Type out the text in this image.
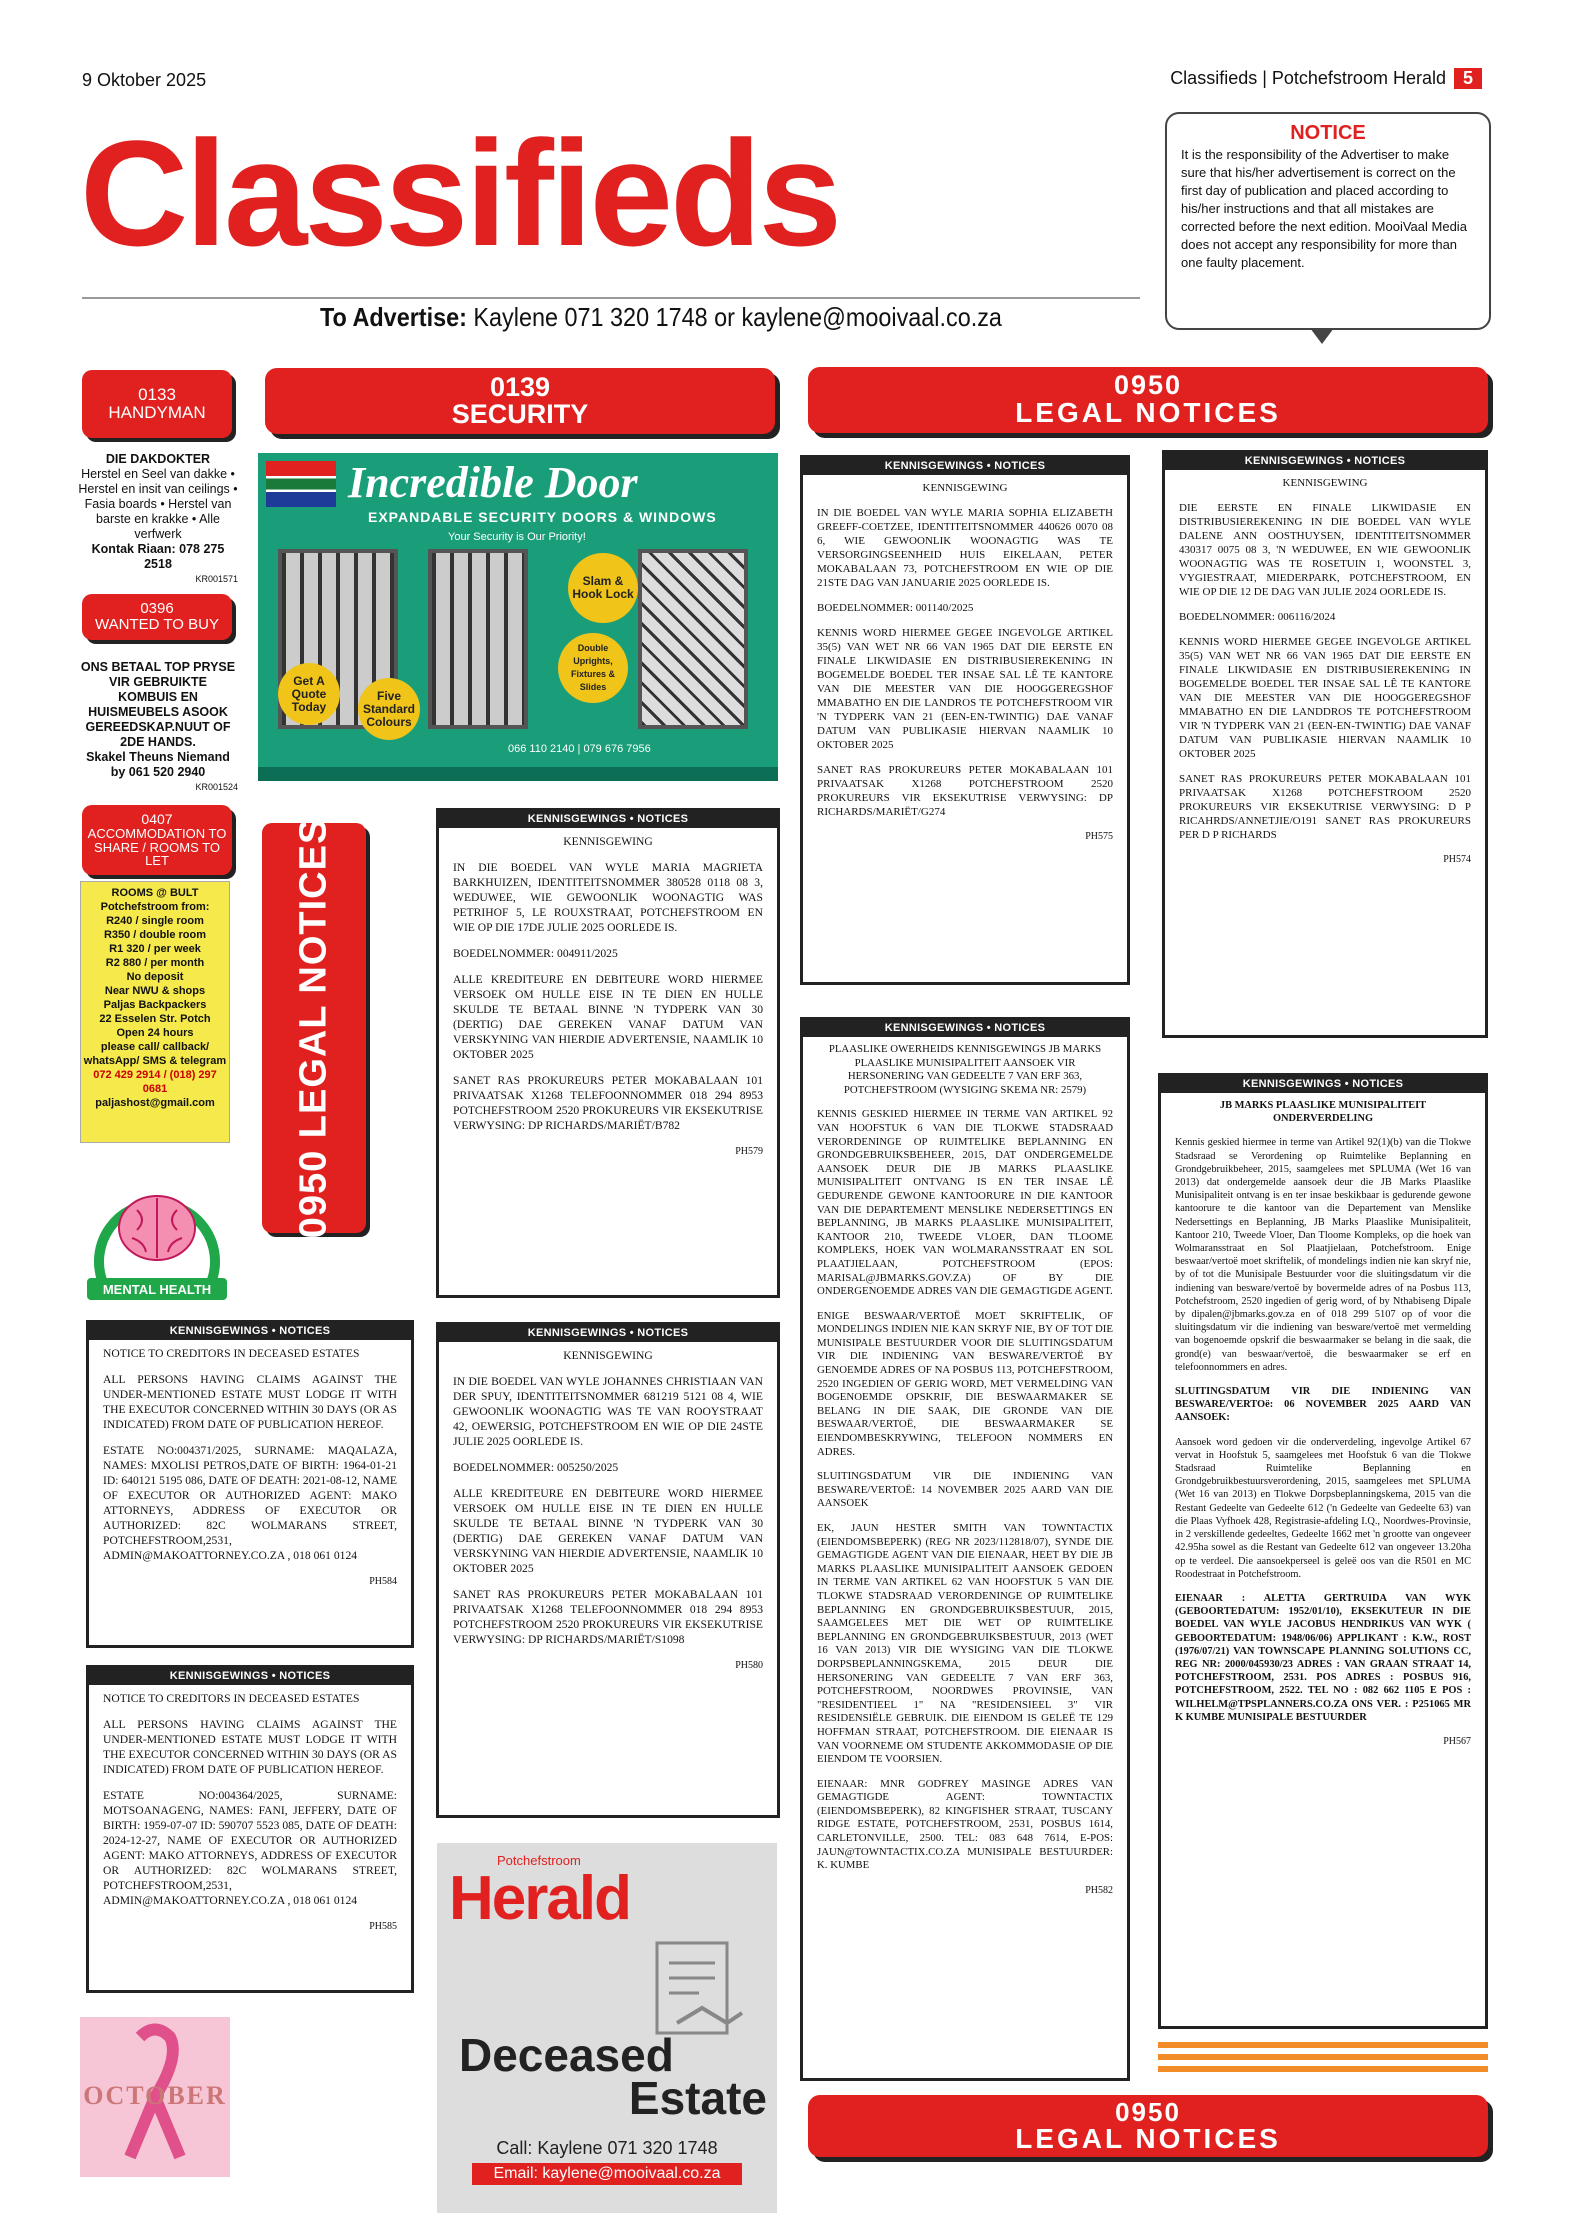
9 Oktober 2025	Classifieds | Potchefstroom Herald 5
Classifieds
To Advertise: Kaylene 071 320 1748 or kaylene@mooivaal.co.za
NOTICE
It is the responsibility of the Advertiser to make sure that his/her advertisement is correct on the first day of publication and placed according to his/her instructions and that all mistakes are corrected before the next edition. MooiVaal Media does not accept any responsibility for more than one faulty placement.
0133
HANDYMAN
DIE DAKDOKTER
Herstel en Seel van dakke • Herstel en insit van ceilings • Fasia boards • Herstel van barste en krakke • Alle verfwerk
Kontak Riaan: 078 275 2518
KR001571
0396
WANTED TO BUY
ONS BETAAL TOP PRYSE VIR GEBRUIKTE KOMBUIS EN HUISMEUBELS ASOOK GEREEDSKAP.NUUT OF 2DE HANDS.
Skakel Theuns Niemand by 061 520 2940
KR001524
0407
ACCOMMODATION TO SHARE / ROOMS TO LET
ROOMS @ BULT
Potchefstroom from:
R240 / single room
R350 / double room
R1 320 / per week
R2 880 / per month
No deposit
Near NWU & shops
Paljas Backpackers
22 Esselen Str. Potch
Open 24 hours
please call/ callback/ whatsApp/ SMS & telegram
072 429 2914 / (018) 297 0681
paljashost@gmail.com
MENTAL HEALTH
OCTOBER
0139
SECURITY
Incredible Door
EXPANDABLE SECURITY DOORS & WINDOWS
Your Security is Our Priority!
Get A Quote Today
Five Standard Colours
Double Uprights, Fixtures & Slides
Slam & Hook Lock
066 110 2140 | 079 676 7956
0950 LEGAL NOTICES	KENNISGEWINGS • NOTICES
KENNISGEWING

IN DIE BOEDEL VAN WYLE MARIA MAGRIETA BARKHUIZEN, IDENTITEITSNOMMER 380528 0118 08 3, WEDUWEE, WIE GEWOONLIK WOONAGTIG WAS PETRIHOF 5, LE ROUXSTRAAT, POTCHEFSTROOM EN WIE OP DIE 17DE JULIE 2025 OORLEDE IS.

BOEDELNOMMER: 004911/2025

ALLE KREDITEURE EN DEBITEURE WORD HIERMEE VERSOEK OM HULLE EISE IN TE DIEN EN HULLE SKULDE TE BETAAL BINNE 'N TYDPERK VAN 30 (DERTIG) DAE GEREKEN VANAF DATUM VAN VERSKYNING VAN HIERDIE ADVERTENSIE, NAAMLIK 10 OKTOBER 2025

SANET RAS PROKUREURS PETER MOKABALAAN 101 PRIVAATSAK X1268 TELEFOONNOMMER 018 294 8953 POTCHEFSTROOM 2520 PROKUREURS VIR EKSEKUTRISE VERWYSING: DP RICHARDS/MARIËT/B782

PH579
KENNISGEWINGS • NOTICES
KENNISGEWING

IN DIE BOEDEL VAN WYLE JOHANNES CHRISTIAAN VAN DER SPUY, IDENTITEITSNOMMER 681219 5121 08 4, WIE GEWOONLIK WOONAGTIG WAS TE VAN ROOYSTRAAT 42, OEWERSIG, POTCHEFSTROOM EN WIE OP DIE 24STE JULIE 2025 OORLEDE IS.

BOEDELNOMMER: 005250/2025

ALLE KREDITEURE EN DEBITEURE WORD HIERMEE VERSOEK OM HULLE EISE IN TE DIEN EN HULLE SKULDE TE BETAAL BINNE 'N TYDPERK VAN 30 (DERTIG) DAE GEREKEN VANAF DATUM VAN VERSKYNING VAN HIERDIE ADVERTENSIE, NAAMLIK 10 OKTOBER 2025

SANET RAS PROKUREURS PETER MOKABALAAN 101 PRIVAATSAK X1268 TELEFOONNOMMER 018 294 8953 POTCHEFSTROOM 2520 PROKUREURS VIR EKSEKUTRISE VERWYSING: DP RICHARDS/MARIËT/S1098

PH580
KENNISGEWINGS • NOTICES

NOTICE TO CREDITORS IN DECEASED ESTATES

ALL PERSONS HAVING CLAIMS AGAINST THE UNDER-MENTIONED ESTATE MUST LODGE IT WITH THE EXECUTOR CONCERNED WITHIN 30 DAYS (OR AS INDICATED) FROM DATE OF PUBLICATION HEREOF.

ESTATE NO:004371/2025, SURNAME: MAQALAZA, NAMES: MXOLISI PETROS,DATE OF BIRTH: 1964-01-21 ID: 640121 5195 086, DATE OF DEATH: 2021-08-12, NAME OF EXECUTOR OR AUTHORIZED AGENT: MAKO ATTORNEYS, ADDRESS OF EXECUTOR OR AUTHORIZED: 82C WOLMARANS STREET, POTCHEFSTROOM,2531, ADMIN@MAKOATTORNEY.CO.ZA , 018 061 0124

PH584
KENNISGEWINGS • NOTICES

NOTICE TO CREDITORS IN DECEASED ESTATES

ALL PERSONS HAVING CLAIMS AGAINST THE UNDER-MENTIONED ESTATE MUST LODGE IT WITH THE EXECUTOR CONCERNED WITHIN 30 DAYS (OR AS INDICATED) FROM DATE OF PUBLICATION HEREOF.

ESTATE NO:004364/2025, SURNAME: MOTSOANAGENG, NAMES: FANI, JEFFERY, DATE OF BIRTH: 1959-07-07 ID: 590707 5523 085, DATE OF DEATH: 2024-12-27, NAME OF EXECUTOR OR AUTHORIZED AGENT: MAKO ATTORNEYS, ADDRESS OF EXECUTOR OR AUTHORIZED: 82C WOLMARANS STREET, POTCHEFSTROOM,2531, ADMIN@MAKOATTORNEY.CO.ZA , 018 061 0124

PH585
Potchefstroom
Herald
Deceased
Estate
Call: Kaylene 071 320 1748
Email: kaylene@mooivaal.co.za
0950
LEGAL NOTICES
KENNISGEWINGS • NOTICES
KENNISGEWING

IN DIE BOEDEL VAN WYLE MARIA SOPHIA ELIZABETH GREEFF-COETZEE, IDENTITEITSNOMMER 440626 0070 08 6, WIE GEWOONLIK WOONAGTIG WAS TE VERSORGINGSEENHEID HUIS EIKELAAN, PETER MOKABALAAN 73, POTCHEFSTROOM EN WIE OP DIE 21STE DAG VAN JANUARIE 2025 OORLEDE IS.

BOEDELNOMMER: 001140/2025

KENNIS WORD HIERMEE GEGEE INGEVOLGE ARTIKEL 35(5) VAN WET NR 66 VAN 1965 DAT DIE EERSTE EN FINALE LIKWIDASIE EN DISTRIBUSIEREKENING IN BOGEMELDE BOEDEL TER INSAE SAL LÊ TE KANTORE VAN DIE MEESTER VAN DIE HOOGGEREGSHOF MMABATHO EN DIE LANDROS TE POTCHEFSTROOM VIR 'N TYDPERK VAN 21 (EEN-EN-TWINTIG) DAE VANAF DATUM VAN PUBLIKASIE HIERVAN NAAMLIK 10 OKTOBER 2025

SANET RAS PROKUREURS PETER MOKABALAAN 101 PRIVAATSAK X1268 POTCHEFSTROOM 2520 PROKUREURS VIR EKSEKUTRISE VERWYSING: DP RICHARDS/MARIËT/G274

PH575
KENNISGEWINGS • NOTICES
KENNISGEWING

DIE EERSTE EN FINALE LIKWIDASIE EN DISTRIBUSIEREKENING IN DIE BOEDEL VAN WYLE DALENE ANN OOSTHUYSEN, IDENTITEITSNOMMER 430317 0075 08 3, 'N WEDUWEE, EN WIE GEWOONLIK WOONAGTIG WAS TE ROSETUIN 1, WOONSTEL 3, VYGIESTRAAT, MIEDERPARK, POTCHEFSTROOM, EN WIE OP DIE 12 DE DAG VAN JULIE 2024 OORLEDE IS.

BOEDELNOMMER: 006116/2024

KENNIS WORD HIERMEE GEGEE INGEVOLGE ARTIKEL 35(5) VAN WET NR 66 VAN 1965 DAT DIE EERSTE EN FINALE LIKWIDASIE EN DISTRIBUSIEREKENING IN BOGEMELDE BOEDEL TER INSAE SAL LÊ TE KANTORE VAN DIE MEESTER VAN DIE HOOGGEREGSHOF MMABATHO EN DIE LANDDROS TE POTCHEFSTROOM VIR 'N TYDPERK VAN 21 (EEN-EN-TWINTIG) DAE VANAF DATUM VAN PUBLIKASIE HIERVAN NAAMLIK 10 OKTOBER 2025

SANET RAS PROKUREURS PETER MOKABALAAN 101 PRIVAATSAK X1268 POTCHEFSTROOM 2520 PROKUREURS VIR EKSEKUTRISE VERWYSING: D P RICAHRDS/ANNETJIE/O191 SANET RAS PROKUREURS PER D P RICHARDS

PH574
KENNISGEWINGS • NOTICES
PLAASLIKE OWERHEIDS KENNISGEWINGS JB MARKS PLAASLIKE MUNISIPALITEIT AANSOEK VIR HERSONERING VAN GEDEELTE 7 VAN ERF 363, POTCHEFSTROOM (WYSIGING SKEMA NR: 2579)

KENNIS GESKIED HIERMEE IN TERME VAN ARTIKEL 92 VAN HOOFSTUK 6 VAN DIE TLOKWE STADSRAAD VERORDENINGE OP RUIMTELIKE BEPLANNING EN GRONDGEBRUIKSBEHEER, 2015, DAT ONDERGEMELDE AANSOEK DEUR DIE JB MARKS PLAASLIKE MUNISIPALITEIT ONTVANG IS EN TER INSAE LÊ GEDURENDE GEWONE KANTOORURE IN DIE KANTOOR VAN DIE DEPARTEMENT MENSLIKE NEDERSETTINGS EN BEPLANNING, JB MARKS PLAASLIKE MUNISIPALITEIT, KANTOOR 210, TWEEDE VLOER, DAN TLOOME KOMPLEKS, HOEK VAN WOLMARANSSTRAAT EN SOL PLAATJIELAAN, POTCHEFSTROOM (EPOS: MARISAL@JBMARKS.GOV.ZA) OF BY DIE ONDERGENOEMDE ADRES VAN DIE GEMAGTIGDE AGENT.

ENIGE BESWAAR/VERTOË MOET SKRIFTELIK, OF MONDELINGS INDIEN NIE KAN SKRYF NIE, BY OF TOT DIE MUNISIPALE BESTUURDER VOOR DIE SLUITINGSDATUM VIR DIE INDIENING VAN BESWARE/VERTOË BY GENOEMDE ADRES OF NA POSBUS 113, POTCHEFSTROOM, 2520 INGEDIEN OF GERIG WORD, MET VERMELDING VAN BOGENOEMDE OPSKRIF, DIE BESWAARMAKER SE BELANG IN DIE SAAK, DIE GRONDE VAN DIE BESWAAR/VERTOË, DIE BESWAARMAKER SE EIENDOMBESKRYWING, TELEFOON NOMMERS EN ADRES.

SLUITINGSDATUM VIR DIE INDIENING VAN BESWARE/VERTOË: 14 NOVEMBER 2025 AARD VAN DIE AANSOEK

EK, JAUN HESTER SMITH VAN TOWNTACTIX (EIENDOMSBEPERK) (REG NR 2023/112818/07), SYNDE DIE GEMAGTIGDE AGENT VAN DIE EIENAAR, HEET BY DIE JB MARKS PLAASLIKE MUNISIPALITEIT AANSOEK GEDOEN IN TERME VAN ARTIKEL 62 VAN HOOFSTUK 5 VAN DIE TLOKWE STADSRAAD VERORDENINGE OP RUIMTELIKE BEPLANNING EN GRONDGEBRUIKSBESTUUR, 2015, SAAMGELEES MET DIE WET OP RUIMTELIKE BEPLANNING EN GRONDGEBRUIKSBESTUUR, 2013 (WET 16 VAN 2013) VIR DIE WYSIGING VAN DIE TLOKWE DORPSBEPLANNINGSKEMA, 2015 DEUR DIE HERSONERING VAN GEDEELTE 7 VAN ERF 363, POTCHEFSTROOM, NOORDWES PROVINSIE, VAN "RESIDENTIEEL 1" NA "RESIDENSIEEL 3" VIR RESIDENSIËLE GEBRUIK. DIE EIENDOM IS GELEË TE 129 HOFFMAN STRAAT, POTCHEFSTROOM. DIE EIENAAR IS VAN VOORNEME OM STUDENTE AKKOMMODASIE OP DIE EIENDOM TE VOORSIEN.

EIENAAR: MNR GODFREY MASINGE ADRES VAN GEMAGTIGDE AGENT: TOWNTACTIX (EIENDOMSBEPERK), 82 KINGFISHER STRAAT, TUSCANY RIDGE ESTATE, POTCHEFSTROOM, 2531, POSBUS 1614, CARLETONVILLE, 2500. TEL: 083 648 7614, E-POS: JAUN@TOWNTACTIX.CO.ZA MUNISIPALE BESTUURDER: K. KUMBE

PH582
KENNISGEWINGS • NOTICES
JB MARKS PLAASLIKE MUNISIPALITEIT ONDERVERDELING

Kennis geskied hiermee in terme van Artikel 92(1)(b) van die Tlokwe Stadsraad se Verordening op Ruimtelike Beplanning en Grondgebruikbeheer, 2015, saamgelees met SPLUMA (Wet 16 van 2013) dat ondergemelde aansoek deur die JB Marks Plaaslike Munisipaliteit ontvang is en ter insae beskikbaar is gedurende gewone kantoorure te die kantoor van die Departement van Menslike Nedersettings en Beplanning, JB Marks Plaaslike Munisipaliteit, Kantoor 210, Tweede Vloer, Dan Tloome Kompleks, op die hoek van Wolmaransstraat en Sol Plaatjielaan, Potchefstroom. Enige beswaar/vertoë moet skriftelik, of mondelings indien nie kan skryf nie, by of tot die Munisipale Bestuurder voor die sluitingsdatum vir die indiening van besware/vertoë by bovermelde adres of na Posbus 113, Potchefstroom, 2520 ingedien of gerig word, of by Nthabiseng Dipale by dipalen@jbmarks.gov.za en of 018 299 5107 op of voor die sluitingsdatum vir die indiening van besware/vertoë met vermelding van bogenoemde opskrif die beswaarmaker se belang in die saak, die grond(e) van beswaar/vertoë, die beswaarmaker se erf en telefoonnommers en adres.

SLUITINGSDATUM VIR DIE INDIENING VAN BESWARE/VERTOë: 06 NOVEMBER 2025 AARD VAN AANSOEK:

Aansoek word gedoen vir die onderverdeling, ingevolge Artikel 67 vervat in Hoofstuk 5, saamgelees met Hoofstuk 6 van die Tlokwe Stadsraad Ruimtelike Beplanning en Grondgebruikbestuursverordening, 2015, saamgelees met SPLUMA (Wet 16 van 2013) en Tlokwe Dorpsbeplanningskema, 2015 van die Restant Gedeelte van Gedeelte 612 ('n Gedeelte van Gedeelte 63) van die Plaas Vyfhoek 428, Registrasie-afdeling I.Q., Noordwes-Provinsie, in 2 verskillende gedeeltes, Gedeelte 1662 met 'n grootte van ongeveer 42.95ha sowel as die Restant van Gedeelte 612 van ongeveer 13.20ha op te verdeel. Die aansoekperseel is geleë oos van die R501 en MC Roodestraat in Potchefstroom.

EIENAAR : ALETTA GERTRUIDA VAN WYK (GEBOORTEDATUM: 1952/01/10), EKSEKUTEUR IN DIE BOEDEL VAN WYLE JACOBUS HENDRIKUS VAN WYK ( GEBOORTEDATUM: 1948/06/06) APPLIKANT : K.W., ROST (1976/07/21) VAN TOWNSCAPE PLANNING SOLUTIONS CC, REG NR: 2000/045930/23 ADRES : VAN GRAAN STRAAT 14, POTCHEFSTROOM, 2531. POS ADRES : POSBUS 916, POTCHEFSTROOM, 2522. TEL NO : 082 662 1105 E POS : WILHELM@TPSPLANNERS.CO.ZA ONS VER. : P251065 MR K KUMBE MUNISIPALE BESTUURDER

PH567
0950
LEGAL NOTICES
